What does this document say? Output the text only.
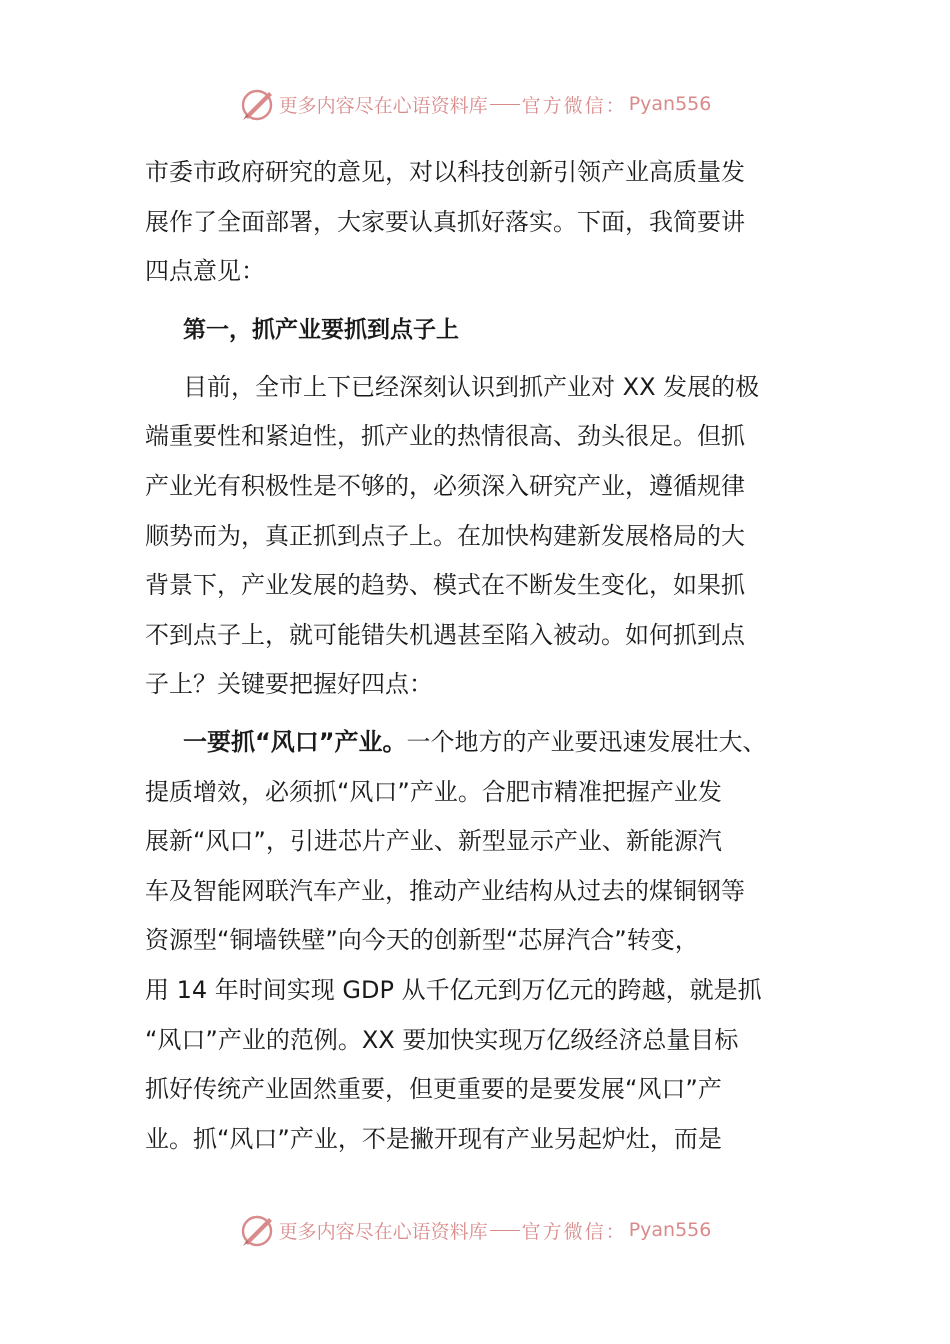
更多内容尽在心语资料库 官方微信： Pyan556

市委市政府研究的意见，对以科技创新引领产业高质量发

展作了全面部署，大家要认真抓好落实。下面，我简要讲

四点意见：

第一，抓产业要抓到点子上

目前，全市上下已经深刻认识到抓产业对 XX 发展的极

端重要性和紧迫性，抓产业的热情很高、劲头很足。但抓

产业光有积极性是不够的，必须深入研究产业，遵循规律

顺势而为，真正抓到点子上。在加快构建新发展格局的大

背景下，产业发展的趋势、模式在不断发生变化，如果抓

不到点子上，就可能错失机遇甚至陷入被动。如何抓到点

子上？关键要把握好四点：

一要抓“风口”产业。一个地方的产业要迅速发展壮大、

提质增效，必须抓“风口”产业。合肥市精准把握产业发

展新“风口”，引进芯片产业、新型显示产业、新能源汽

车及智能网联汽车产业，推动产业结构从过去的煤铜钢等

资源型“铜墙铁壁”向今天的创新型“芯屏汽合”转变，

用 14 年时间实现 GDP 从千亿元到万亿元的跨越，就是抓

“风口”产业的范例。XX 要加快实现万亿级经济总量目标

抓好传统产业固然重要，但更重要的是要发展“风口”产

业。抓“风口”产业，不是撇开现有产业另起炉灶，而是

更多内容尽在心语资料库 官方微信： Pyan556
